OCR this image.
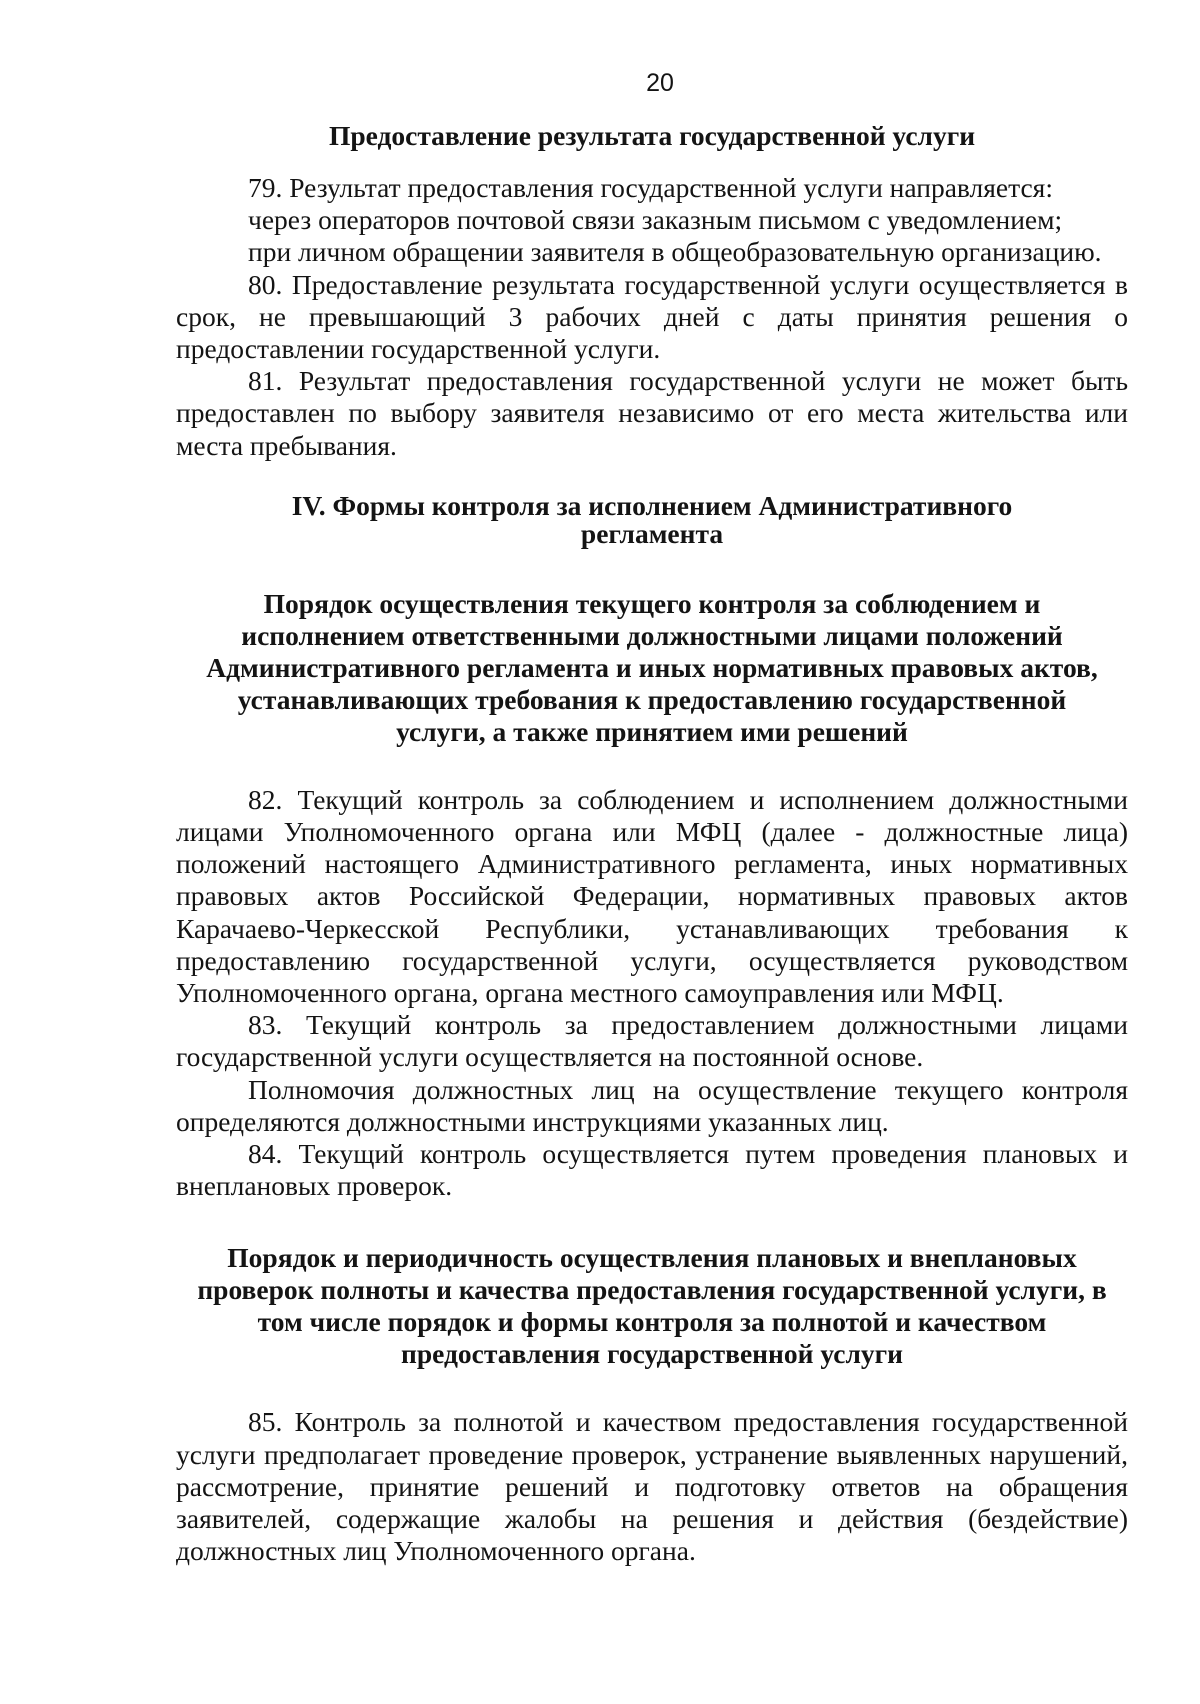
20
Предоставление результата государственной услуги
79. Результат предоставления государственной услуги направляется:
через операторов почтовой связи заказным письмом с уведомлением;
при личном обращении заявителя в общеобразовательную организацию.

80. Предоставление результата государственной услуги осуществляется в срок, не превышающий 3 рабочих дней с даты принятия решения о предоставлении государственной услуги.

81. Результат предоставления государственной услуги не может быть предоставлен по выбору заявителя независимо от его места жительства или места пребывания.

IV. Формы контроля за исполнением Административного
регламента
Порядок осуществления текущего контроля за соблюдением и
исполнением ответственными должностными лицами положений
Административного регламента и иных нормативных правовых актов,
устанавливающих требования к предоставлению государственной
услуги, а также принятием ими решений

82. Текущий контроль за соблюдением и исполнением должностными лицами Уполномоченного органа или МФЦ (далее - должностные лица) положений настоящего Административного регламента, иных нормативных правовых актов Российской Федерации, нормативных правовых актов Карачаево-Черкесской Республики, устанавливающих требования к предоставлению государственной услуги, осуществляется руководством Уполномоченного органа, органа местного самоуправления или МФЦ.

83. Текущий контроль за предоставлением должностными лицами государственной услуги осуществляется на постоянной основе.

Полномочия должностных лиц на осуществление текущего контроля определяются должностными инструкциями указанных лиц.

84. Текущий контроль осуществляется путем проведения плановых и внеплановых проверок.

Порядок и периодичность осуществления плановых и внеплановых
проверок полноты и качества предоставления государственной услуги, в
том числе порядок и формы контроля за полнотой и качеством
предоставления государственной услуги

85. Контроль за полнотой и качеством предоставления государственной услуги предполагает проведение проверок, устранение выявленных нарушений, рассмотрение, принятие решений и подготовку ответов на обращения заявителей, содержащие жалобы на решения и действия (бездействие) должностных лиц Уполномоченного органа.
